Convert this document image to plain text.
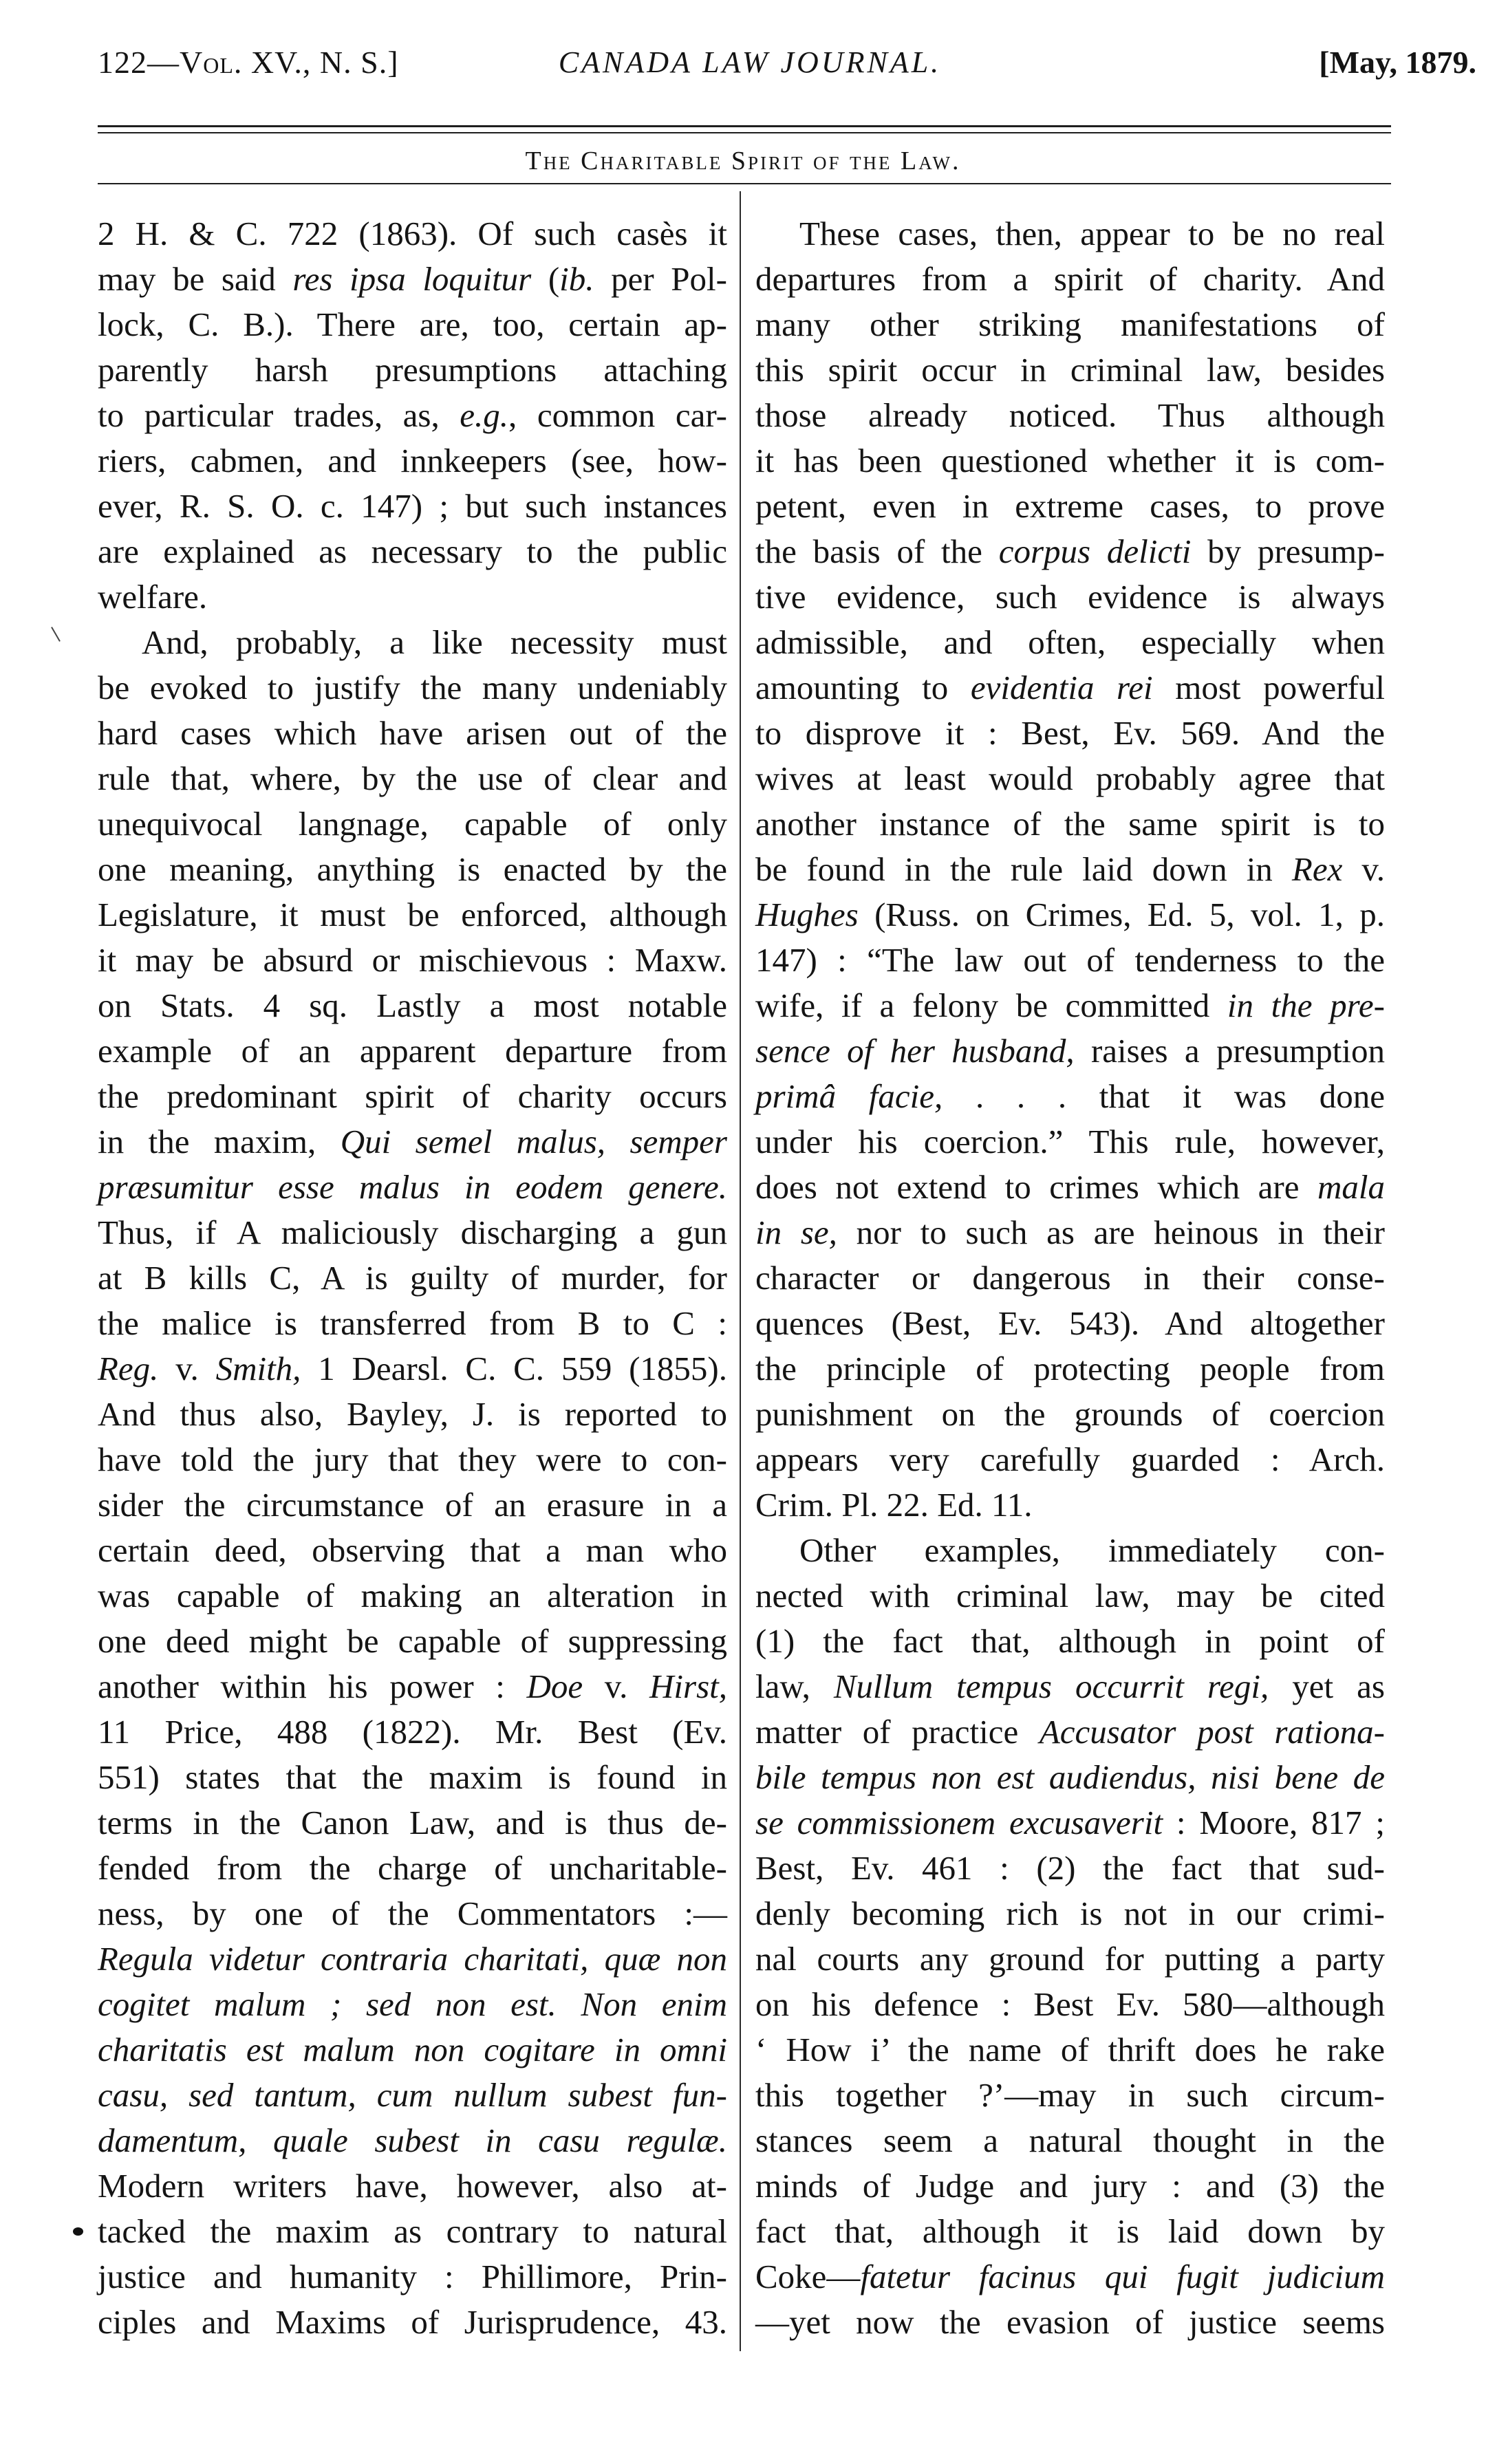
122—Vol. XV., N. S.]	CANADA LAW JOURNAL.	[May, 1879.
The Charitable Spirit of the Law.
2 H. & C. 722 (1863). Of such casès it
may be said res ipsa loquitur (ib. per Pol-
lock, C. B.). There are, too, certain ap-
parently harsh presumptions attaching
to particular trades, as, e.g., common car-
riers, cabmen, and innkeepers (see, how-
ever, R. S. O. c. 147) ; but such instances
are explained as necessary to the public
welfare.
And, probably, a like necessity must
be evoked to justify the many undeniably
hard cases which have arisen out of the
rule that, where, by the use of clear and
unequivocal langnage, capable of only
one meaning, anything is enacted by the
Legislature, it must be enforced, although
it may be absurd or mischievous : Maxw.
on Stats. 4 sq. Lastly a most notable
example of an apparent departure from
the predominant spirit of charity occurs
in the maxim, Qui semel malus, semper
præsumitur esse malus in eodem genere.
Thus, if A maliciously discharging a gun
at B kills C, A is guilty of murder, for
the malice is transferred from B to C :
Reg. v. Smith, 1 Dearsl. C. C. 559 (1855).
And thus also, Bayley, J. is reported to
have told the jury that they were to con-
sider the circumstance of an erasure in a
certain deed, observing that a man who
was capable of making an alteration in
one deed might be capable of suppressing
another within his power : Doe v. Hirst,
11 Price, 488 (1822). Mr. Best (Ev.
551) states that the maxim is found in
terms in the Canon Law, and is thus de-
fended from the charge of uncharitable-
ness, by one of the Commentators :—
Regula videtur contraria charitati, quæ non
cogitet malum ; sed non est. Non enim
charitatis est malum non cogitare in omni
casu, sed tantum, cum nullum subest fun-
damentum, quale subest in casu regulæ.
Modern writers have, however, also at-
tacked the maxim as contrary to natural
justice and humanity : Phillimore, Prin-
ciples and Maxims of Jurisprudence, 43.
These cases, then, appear to be no real
departures from a spirit of charity. And
many other striking manifestations of
this spirit occur in criminal law, besides
those already noticed. Thus although
it has been questioned whether it is com-
petent, even in extreme cases, to prove
the basis of the corpus delicti by presump-
tive evidence, such evidence is always
admissible, and often, especially when
amounting to evidentia rei most powerful
to disprove it : Best, Ev. 569. And the
wives at least would probably agree that
another instance of the same spirit is to
be found in the rule laid down in Rex v.
Hughes (Russ. on Crimes, Ed. 5, vol. 1, p.
147) : “The law out of tenderness to the
wife, if a felony be committed in the pre-
sence of her husband, raises a presumption
primâ facie, . . . that it was done
under his coercion.” This rule, however,
does not extend to crimes which are mala
in se, nor to such as are heinous in their
character or dangerous in their conse-
quences (Best, Ev. 543). And altogether
the principle of protecting people from
punishment on the grounds of coercion
appears very carefully guarded : Arch.
Crim. Pl. 22. Ed. 11.
Other examples, immediately con-
nected with criminal law, may be cited
(1) the fact that, although in point of
law, Nullum tempus occurrit regi, yet as
matter of practice Accusator post rationa-
bile tempus non est audiendus, nisi bene de
se commissionem excusaverit : Moore, 817 ;
Best, Ev. 461 : (2) the fact that sud-
denly becoming rich is not in our crimi-
nal courts any ground for putting a party
on his defence : Best Ev. 580—although
‘ How i’ the name of thrift does he rake
this together ?’—may in such circum-
stances seem a natural thought in the
minds of Judge and jury : and (3) the
fact that, although it is laid down by
Coke—fatetur facinus qui fugit judicium
—yet now the evasion of justice seems
